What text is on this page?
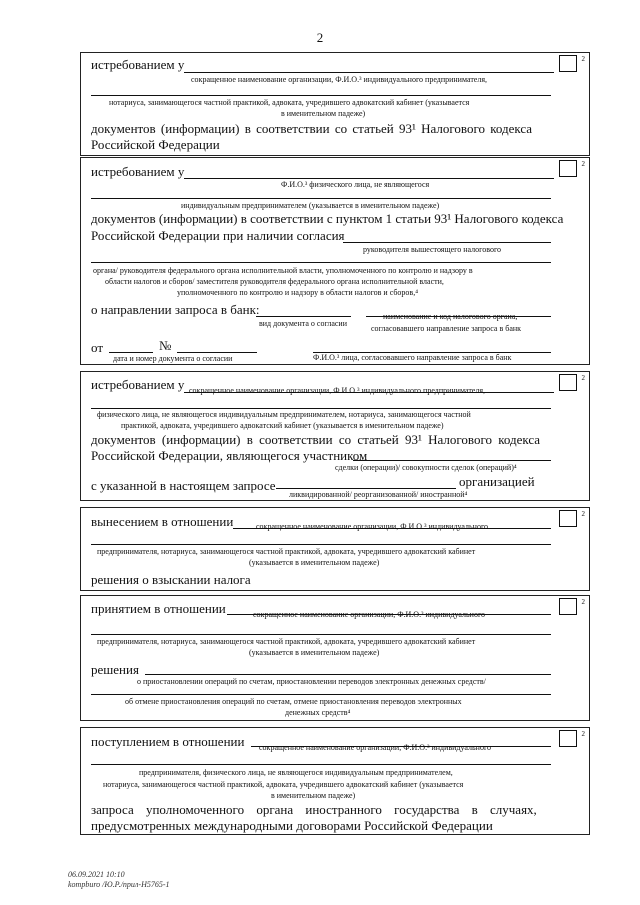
2
2
истребованием у
сокращенное наименование организации, Ф.И.О.³ индивидуального предпринимателя,
нотариуса, занимающегося частной практикой, адвоката, учредившего адвокатский кабинет (указывается
в именительном падеже)
документов (информации) в соответствии со статьей 93¹ Налогового кодекса
Российской Федерации
2
истребованием у
Ф.И.О.³ физического лица, не являющегося
индивидуальным предпринимателем (указывается в именительном падеже)
документов (информации) в соответствии с пунктом 1 статьи 93¹ Налогового кодекса
Российской Федерации при наличии согласия
руководителя вышестоящего налогового
органа/ руководителя федерального органа исполнительной власти, уполномоченного по контролю и надзору в
области налогов и сборов/ заместителя руководителя федерального органа исполнительной власти,
уполномоченного по контролю и надзору в области налогов и сборов,⁴
о направлении запроса в банк:
вид документа о согласии
наименование и код налогового органа,
согласовавшего направление запроса в банк
от	№
дата и номер документа о согласии	Ф.И.О.³ лица, согласовавшего направление запроса в банк
2
истребованием у сокращенное наименование организации, Ф.И.О.³ индивидуального предпринимателя,
физического лица, не являющегося индивидуальным предпринимателем, нотариуса, занимающегося частной
практикой, адвоката, учредившего адвокатский кабинет (указывается в именительном падеже)
документов (информации) в соответствии со статьей 93¹ Налогового кодекса
Российской Федерации, являющегося участником
сделки (операции)/ совокупности сделок (операций)⁴
с указанной в настоящем запросе	организацией
ликвидированной/ реорганизованной/ иностранной⁴
2
вынесением в отношении	сокращенное наименование организации, Ф.И.О.³ индивидуального
предпринимателя, нотариуса, занимающегося частной практикой, адвоката, учредившего адвокатский кабинет
(указывается в именительном падеже)
решения о взыскании налога
2
принятием в отношении	сокращенное наименование организации, Ф.И.О.³ индивидуального
предпринимателя, нотариуса, занимающегося частной практикой, адвоката, учредившего адвокатский кабинет
(указывается в именительном падеже)
решения
о приостановлении операций по счетам, приостановлении переводов электронных денежных средств/
об отмене приостановления операций по счетам, отмене приостановления переводов электронных
денежных средств⁴
2
поступлением в отношении сокращенное наименование организации, Ф.И.О.³ индивидуального
предпринимателя, физического лица, не являющегося индивидуальным предпринимателем,
нотариуса, занимающегося частной практикой, адвоката, учредившего адвокатский кабинет (указывается
в именительном падеже)
запроса уполномоченного органа иностранного государства в случаях,
предусмотренных международными договорами Российской Федерации
06.09.2021 10:10
kompburo /Ю.Р./прил-Н5765-1
